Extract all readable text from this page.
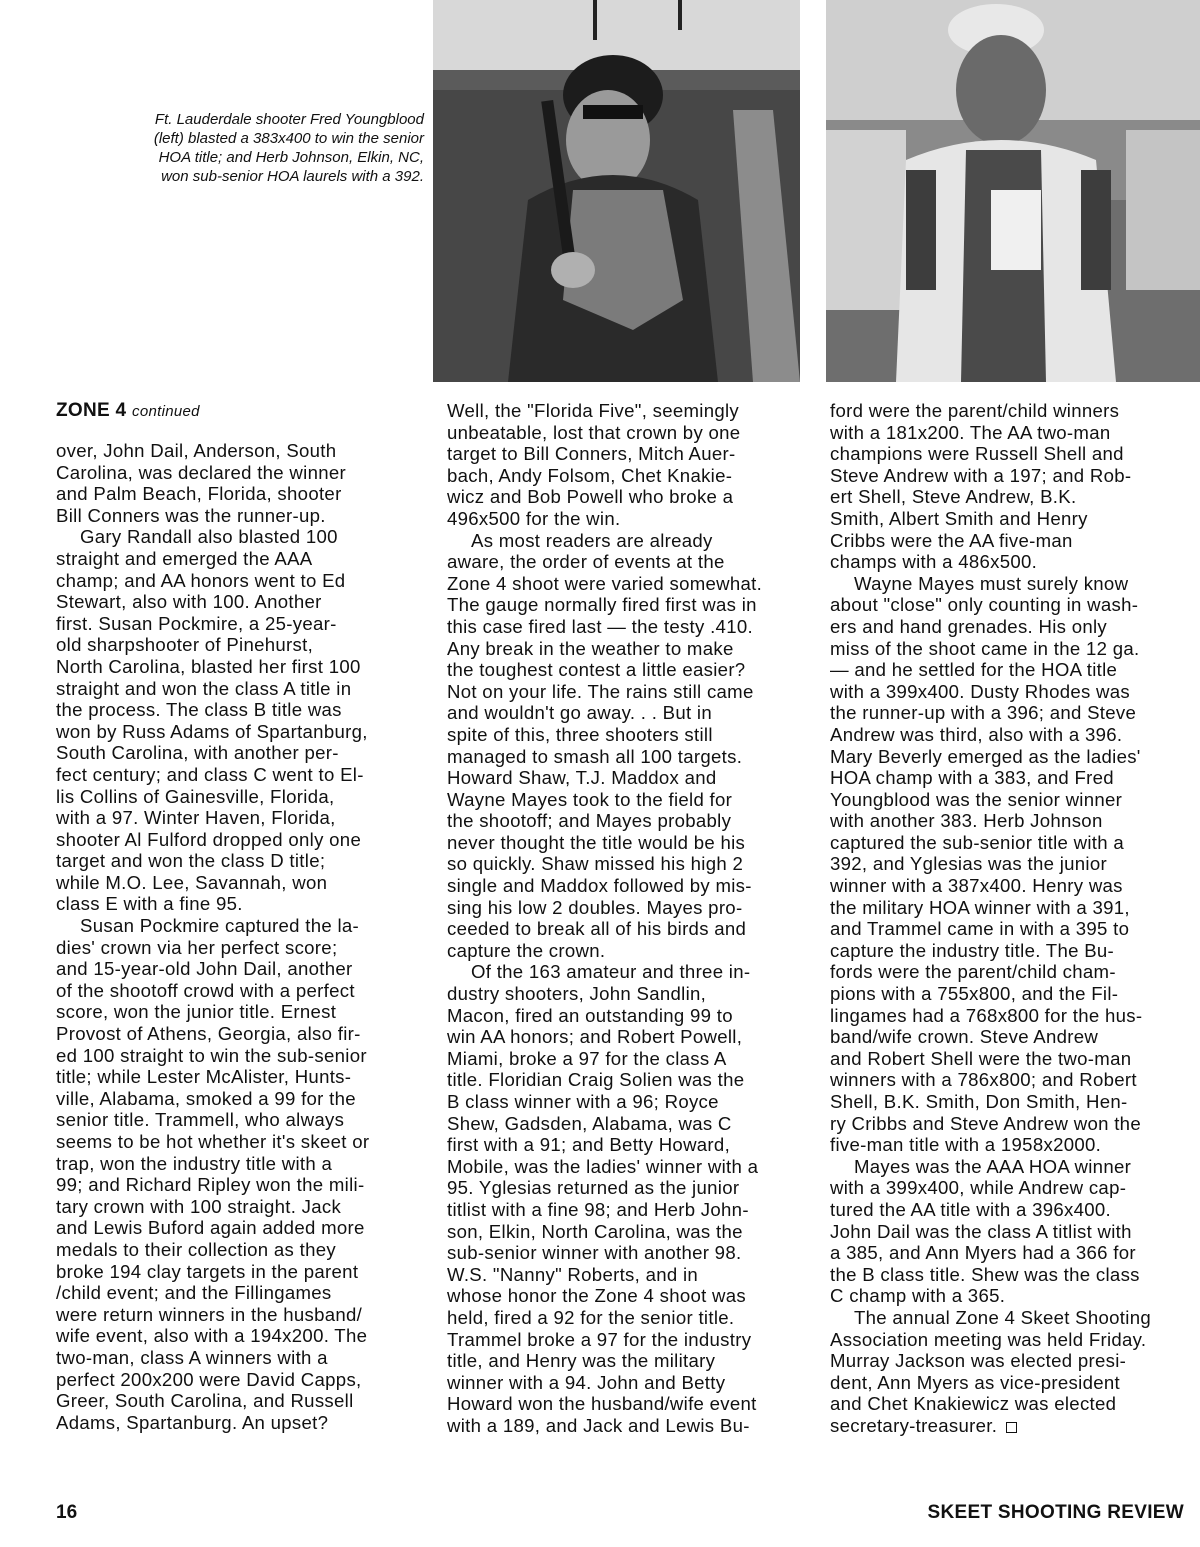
Ft. Lauderdale shooter Fred Youngblood
(left) blasted a 383x400 to win the senior
HOA title; and Herb Johnson, Elkin, NC,
won sub-senior HOA laurels with a 392.
ZONE 4 continued

over, John Dail, Anderson, South

Carolina, was declared the winner

and Palm Beach, Florida, shooter

Bill Conners was the runner-up.

Gary Randall also blasted 100

straight and emerged the AAA

champ; and AA honors went to Ed

Stewart, also with 100. Another

first. Susan Pockmire, a 25-year-

old sharpshooter of Pinehurst,

North Carolina, blasted her first 100

straight and won the class A title in

the process. The class B title was

won by Russ Adams of Spartanburg,

South Carolina, with another per-

fect century; and class C went to El-

lis Collins of Gainesville, Florida,

with a 97. Winter Haven, Florida,

shooter Al Fulford dropped only one

target and won the class D title;

while M.O. Lee, Savannah, won

class E with a fine 95.

Susan Pockmire captured the la-

dies' crown via her perfect score;

and 15-year-old John Dail, another

of the shootoff crowd with a perfect

score, won the junior title. Ernest

Provost of Athens, Georgia, also fir-

ed 100 straight to win the sub-senior

title; while Lester McAlister, Hunts-

ville, Alabama, smoked a 99 for the

senior title. Trammell, who always

seems to be hot whether it's skeet or

trap, won the industry title with a

99; and Richard Ripley won the mili-

tary crown with 100 straight. Jack

and Lewis Buford again added more

medals to their collection as they

broke 194 clay targets in the parent

/child event; and the Fillingames

were return winners in the husband/

wife event, also with a 194x200. The

two-man, class A winners with a

perfect 200x200 were David Capps,

Greer, South Carolina, and Russell

Adams, Spartanburg. An upset?

Well, the "Florida Five", seemingly

unbeatable, lost that crown by one

target to Bill Conners, Mitch Auer-

bach, Andy Folsom, Chet Knakie-

wicz and Bob Powell who broke a

496x500 for the win.

As most readers are already

aware, the order of events at the

Zone 4 shoot were varied somewhat.

The gauge normally fired first was in

this case fired last — the testy .410.

Any break in the weather to make

the toughest contest a little easier?

Not on your life. The rains still came

and wouldn't go away. . . But in

spite of this, three shooters still

managed to smash all 100 targets.

Howard Shaw, T.J. Maddox and

Wayne Mayes took to the field for

the shootoff; and Mayes probably

never thought the title would be his

so quickly. Shaw missed his high 2

single and Maddox followed by mis-

sing his low 2 doubles. Mayes pro-

ceeded to break all of his birds and

capture the crown.

Of the 163 amateur and three in-

dustry shooters, John Sandlin,

Macon, fired an outstanding 99 to

win AA honors; and Robert Powell,

Miami, broke a 97 for the class A

title. Floridian Craig Solien was the

B class winner with a 96; Royce

Shew, Gadsden, Alabama, was C

first with a 91; and Betty Howard,

Mobile, was the ladies' winner with a

95. Yglesias returned as the junior

titlist with a fine 98; and Herb John-

son, Elkin, North Carolina, was the

sub-senior winner with another 98.

W.S. "Nanny" Roberts, and in

whose honor the Zone 4 shoot was

held, fired a 92 for the senior title.

Trammel broke a 97 for the industry

title, and Henry was the military

winner with a 94. John and Betty

Howard won the husband/wife event

with a 189, and Jack and Lewis Bu-

ford were the parent/child winners

with a 181x200. The AA two-man

champions were Russell Shell and

Steve Andrew with a 197; and Rob-

ert Shell, Steve Andrew, B.K.

Smith, Albert Smith and Henry

Cribbs were the AA five-man

champs with a 486x500.

Wayne Mayes must surely know

about "close" only counting in wash-

ers and hand grenades. His only

miss of the shoot came in the 12 ga.

— and he settled for the HOA title

with a 399x400. Dusty Rhodes was

the runner-up with a 396; and Steve

Andrew was third, also with a 396.

Mary Beverly emerged as the ladies'

HOA champ with a 383, and Fred

Youngblood was the senior winner

with another 383. Herb Johnson

captured the sub-senior title with a

392, and Yglesias was the junior

winner with a 387x400. Henry was

the military HOA winner with a 391,

and Trammel came in with a 395 to

capture the industry title. The Bu-

fords were the parent/child cham-

pions with a 755x800, and the Fil-

lingames had a 768x800 for the hus-

band/wife crown. Steve Andrew

and Robert Shell were the two-man

winners with a 786x800; and Robert

Shell, B.K. Smith, Don Smith, Hen-

ry Cribbs and Steve Andrew won the

five-man title with a 1958x2000.

Mayes was the AAA HOA winner

with a 399x400, while Andrew cap-

tured the AA title with a 396x400.

John Dail was the class A titlist with

a 385, and Ann Myers had a 366 for

the B class title. Shew was the class

C champ with a 365.

The annual Zone 4 Skeet Shooting

Association meeting was held Friday.

Murray Jackson was elected presi-

dent, Ann Myers as vice-president

and Chet Knakiewicz was elected

secretary-treasurer.

16	SKEET SHOOTING REVIEW
